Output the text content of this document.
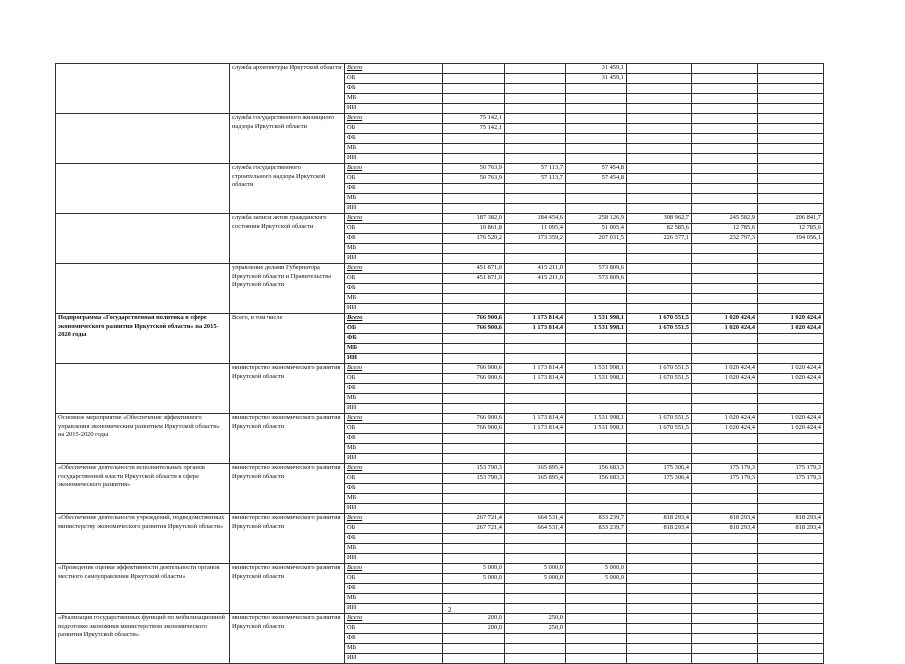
	служба архитектуры Иркутской области	Всего			31 459,1			
		ОБ			31 459,1			
		ФБ						
		МБ						
		ИИ						
	служба государственного жилищного надзора Иркутской области	Всего	75 142,1					
		ОБ	75 142,1					
		ФБ						
		МБ						
		ИИ						
	служба государственного строительного надзора Иркутской области	Всего	50 763,9	57 113,7	57 454,8			
		ОБ	50 763,9	57 113,7	57 454,8			
		ФБ						
		МБ						
		ИИ						
	служба записи актов гражданского состояния Иркутской области	Всего	187 382,0	184 454,6	258 126,9	308 962,7	245 582,9	206 841,7
		ОБ	10 861,8	11 095,4	51 095,4	82 585,6	12 785,6	12 785,6
		ФБ	176 520,2	173 359,2	207 031,5	226 377,1	232 797,3	194 056,1
		МБ						
		ИИ						
	управление делами Губернатора Иркутской области и Правительства Иркутской области	Всего	451 871,0	415 211,0	573 809,6			
		ОБ	451 871,0	415 211,0	573 809,6			
		ФБ						
		МБ						
		ИИ						
Подпрограмма «Государственная политика в сфере экономического развития Иркутской области» на 2015-2020 годы	Всего, в том числе	Всего	766 900,6	1 173 814,4	1 531 998,1	1 670 551,5	1 020 424,4	1 020 424,4
		ОБ	766 900,6	1 173 814,4	1 531 998,1	1 670 551,5	1 020 424,4	1 020 424,4
		ФБ						
		МБ						
		ИИ						
	министерство экономического развития Иркутской области	Всего	766 900,6	1 173 814,4	1 531 998,1	1 670 551,5	1 020 424,4	1 020 424,4
		ОБ	766 900,6	1 173 814,4	1 531 998,1	1 670 551,5	1 020 424,4	1 020 424,4
		ФБ						
		МБ						
		ИИ						
Основное мероприятие «Обеспечение эффективного управления экономическим развитием Иркутской области» на 2015-2020 годы	министерство экономического развития Иркутской области	Всего	766 900,6	1 173 814,4	1 531 998,1	1 670 551,5	1 020 424,4	1 020 424,4
		ОБ	766 900,6	1 173 814,4	1 531 998,1	1 670 551,5	1 020 424,4	1 020 424,4
		ФБ						
		МБ						
		ИИ						
«Обеспечение деятельности исполнительных органов государственной власти Иркутской области в сфере экономического развития»	министерство экономического развития Иркутской области	Всего	153 790,3	165 895,4	156 683,3	175 306,4	175 179,3	175 179,3
		ОБ	153 790,3	165 895,4	156 683,3	175 306,4	175 179,3	175 179,3
		ФБ						
		МБ						
		ИИ						
«Обеспечение деятельности учреждений, подведомственных министерству экономического развития Иркутской области»	министерство экономического развития Иркутской области	Всего	267 721,4	664 531,4	833 239,7	818 293,4	818 293,4	818 293,4
		ОБ	267 721,4	664 531,4	833 239,7	818 293,4	818 293,4	818 293,4
		ФБ						
		МБ						
		ИИ						
«Проведение оценки эффективности деятельности органов местного самоуправления Иркутской области»	министерство экономического развития Иркутской области	Всего	5 000,0	5 000,0	5 000,0			
		ОБ	5 000,0	5 000,0	5 000,0			
		ФБ						
		МБ						
		ИИ						
«Реализация государственных функций по мобилизационной подготовке экономики министерством экономического развития Иркутской области»	министерство экономического развития Иркутской области	Всего	200,0	250,0				
		ОБ	200,0	250,0				
		ФБ						
		МБ						
		ИИ						
2
